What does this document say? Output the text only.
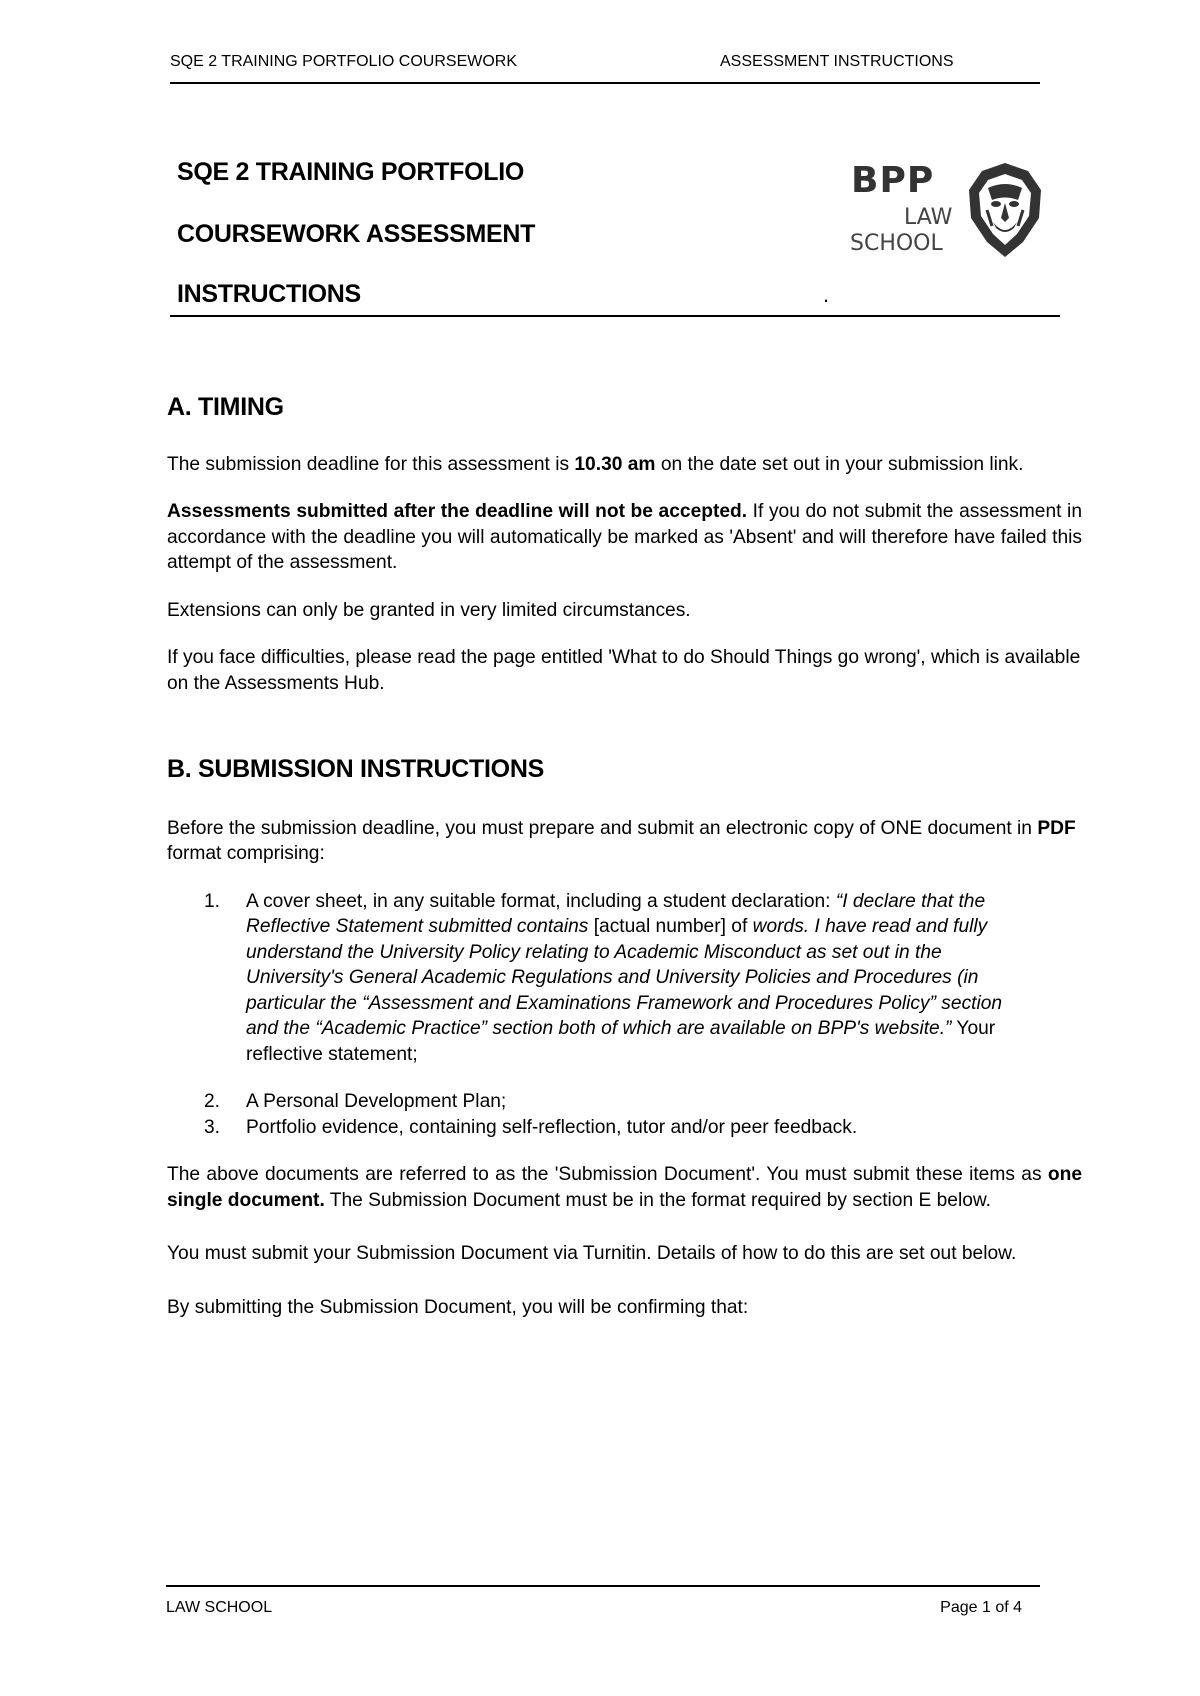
SQE 2 TRAINING PORTFOLIO COURSEWORK	ASSESSMENT INSTRUCTIONS
SQE 2 TRAINING PORTFOLIO
COURSEWORK ASSESSMENT
INSTRUCTIONS	.
BPP
LAW
SCHOOL
A. TIMING

The submission deadline for this assessment is 10.30 am on the date set out in your submission link.

Assessments submitted after the deadline will not be accepted. If you do not submit the assessment in accordance with the deadline you will automatically be marked as 'Absent' and will therefore have failed this attempt of the assessment.

Extensions can only be granted in very limited circumstances.

If you face difficulties, please read the page entitled 'What to do Should Things go wrong', which is available on the Assessments Hub.

B. SUBMISSION INSTRUCTIONS

Before the submission deadline, you must prepare and submit an electronic copy of ONE document in PDF format comprising:

1. A cover sheet, in any suitable format, including a student declaration: “I declare that the Reflective Statement submitted contains [actual number] of words. I have read and fully understand the University Policy relating to Academic Misconduct as set out in the University's General Academic Regulations and University Policies and Procedures (in particular the “Assessment and Examinations Framework and Procedures Policy” section and the “Academic Practice” section both of which are available on BPP's website.” Your reflective statement;
2. A Personal Development Plan;
3. Portfolio evidence, containing self-reflection, tutor and/or peer feedback.

The above documents are referred to as the 'Submission Document'. You must submit these items as one single document. The Submission Document must be in the format required by section E below.

You must submit your Submission Document via Turnitin. Details of how to do this are set out below.

By submitting the Submission Document, you will be confirming that:

LAW SCHOOL	Page 1 of 4
